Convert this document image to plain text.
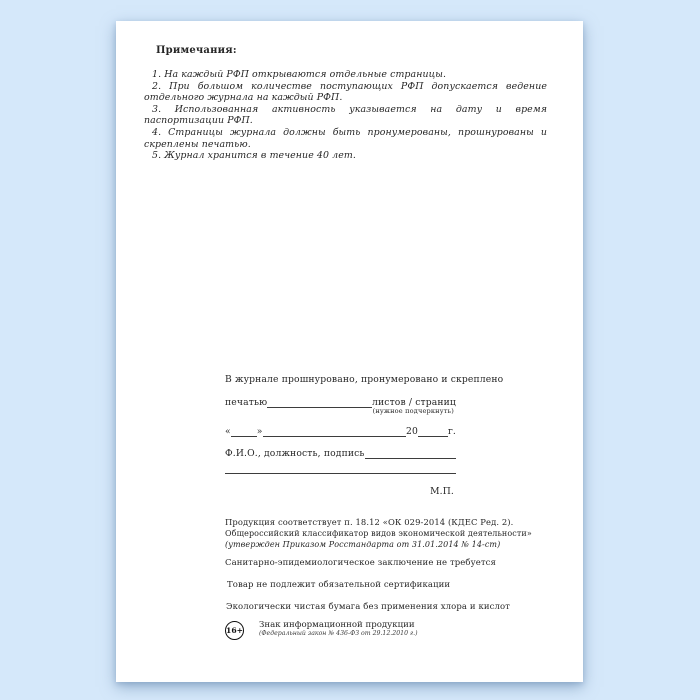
Примечания:

1. На каждый РФП открываются отдельные страницы.

2. При большом количестве поступающих РФП допускается ведение отдельного журнала на каждый РФП.

3. Использованная активность указывается на дату и время паспортизации РФП.

4. Страницы журнала должны быть пронумерованы, прошнурованы и скреплены печатью.

5. Журнал хранится в течение 40 лет.

В журнале прошнуровано, пронумеровано и скреплено
печатью	листов / страниц
(нужное подчеркнуть)
«	»	20	г.
Ф.И.О., должность, подпись
М.П.

Продукция соответствует п. 18.12 «ОК 029-2014 (КДЕС Ред. 2).

Общероссийский классификатор видов экономической деятельности»

(утвержден Приказом Росстандарта от 31.01.2014 № 14-ст)

Санитарно-эпидемиологическое заключение не требуется

Товар не подлежит обязательной сертификации

Экологически чистая бумага без применения хлора и кислот

16+
Знак информационной продукции
(Федеральный закон № 436-ФЗ от 29.12.2010 г.)
